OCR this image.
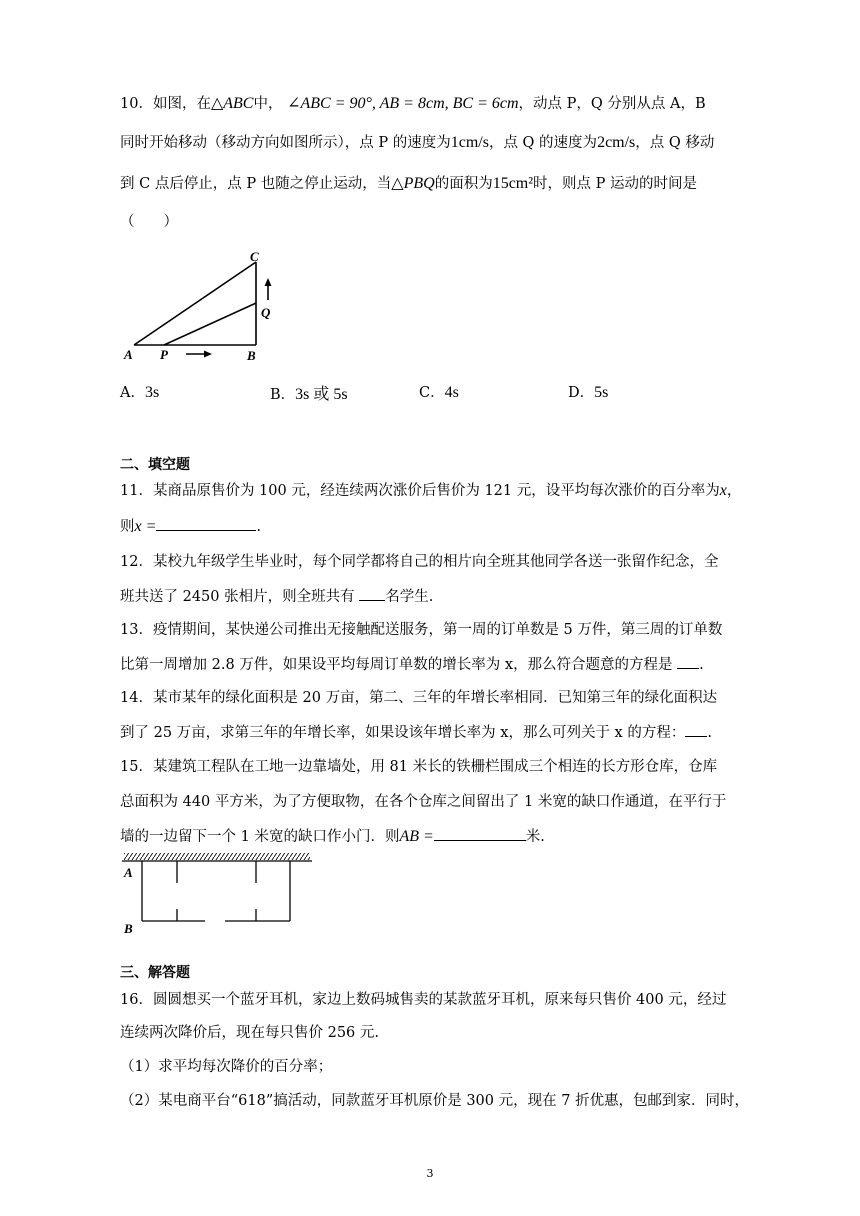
10．如图，在△ABC中， ∠ABC = 90°, AB = 8cm, BC = 6cm，动点 P，Q 分别从点 A，B
同时开始移动（移动方向如图所示），点 P 的速度为1cm/s，点 Q 的速度为2cm/s，点 Q 移动
到 C 点后停止，点 P 也随之停止运动，当△PBQ的面积为15cm²时，则点 P 运动的时间是
（　　）
A P	B
Q
C
A．3s	B．3s 或 5s	C．4s	D．5s
二、填空题
11．某商品原售价为 100 元，经连续两次涨价后售价为 121 元，设平均每次涨价的百分率为x，
则x =	.
12．某校九年级学生毕业时，每个同学都将自己的相片向全班其他同学各送一张留作纪念，全
班共送了 2450 张相片，则全班共有 名学生.
13．疫情期间，某快递公司推出无接触配送服务，第一周的订单数是 5 万件，第三周的订单数
比第一周增加 2.8 万件，如果设平均每周订单数的增长率为 x，那么符合题意的方程是 .
14．某市某年的绿化面积是 20 万亩，第二、三年的年增长率相同．已知第三年的绿化面积达
到了 25 万亩，求第三年的年增长率，如果设该年增长率为 x，那么可列关于 x 的方程： .
15．某建筑工程队在工地一边靠墙处，用 81 米长的铁栅栏围成三个相连的长方形仓库，仓库
总面积为 440 平方米，为了方便取物，在各个仓库之间留出了 1 米宽的缺口作通道，在平行于
墙的一边留下一个 1 米宽的缺口作小门．则AB =	米.
A
B
三、解答题
16．圆圆想买一个蓝牙耳机，家边上数码城售卖的某款蓝牙耳机，原来每只售价 400 元，经过
连续两次降价后，现在每只售价 256 元.
（1）求平均每次降价的百分率；
（2）某电商平台“618”搞活动，同款蓝牙耳机原价是 300 元，现在 7 折优惠，包邮到家．同时，
3
